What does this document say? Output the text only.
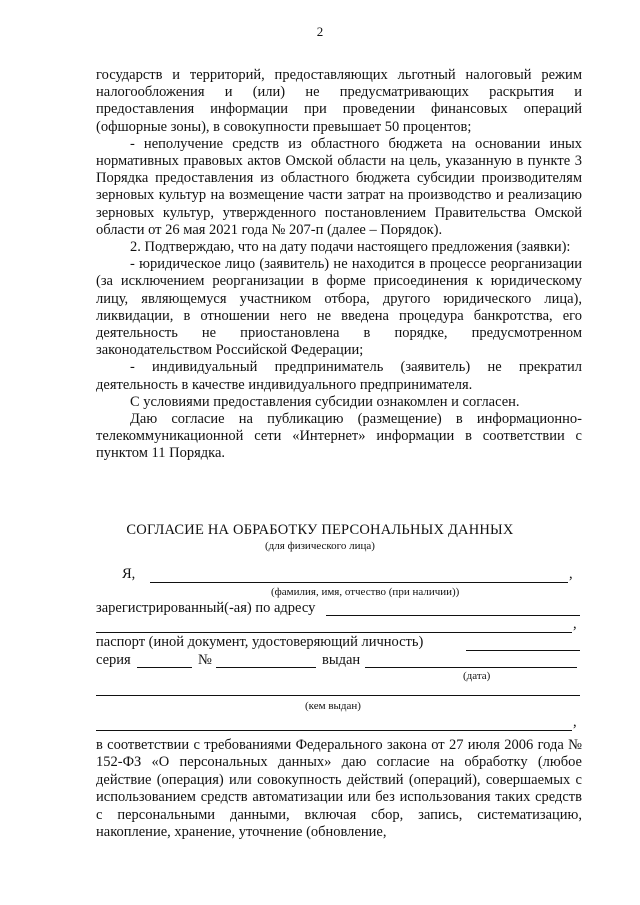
2

государств и территорий, предоставляющих льготный налоговый режим налогообложения и (или) не предусматривающих раскрытия и предоставления информации при проведении финансовых операций (офшорные зоны), в совокупности превышает 50 процентов;

- неполучение средств из областного бюджета на основании иных нормативных правовых актов Омской области на цель, указанную в пункте 3 Порядка предоставления из областного бюджета субсидии производителям зерновых культур на возмещение части затрат на производство и реализацию зерновых культур, утвержденного постановлением Правительства Омской области от 26 мая 2021 года № 207-п (далее – Порядок).

2. Подтверждаю, что на дату подачи настоящего предложения (заявки):

- юридическое лицо (заявитель) не находится в процессе реорганизации (за исключением реорганизации в форме присоединения к юридическому лицу, являющемуся участником отбора, другого юридического лица), ликвидации, в отношении него не введена процедура банкротства, его деятельность не приостановлена в порядке, предусмотренном законодательством Российской Федерации;

- индивидуальный предприниматель (заявитель) не прекратил деятельность в качестве индивидуального предпринимателя.

С условиями предоставления субсидии ознакомлен и согласен.

Даю согласие на публикацию (размещение) в информационно-телекоммуникационной сети «Интернет» информации в соответствии с пунктом 11 Порядка.

СОГЛАСИЕ НА ОБРАБОТКУ ПЕРСОНАЛЬНЫХ ДАННЫХ
(для физического лица)
Я,	,
(фамилия, имя, отчество (при наличии))
зарегистрированный(-ая) по адресу
,
паспорт (иной документ, удостоверяющий личность)
серия	№	выдан
(дата)
(кем выдан)
,

в соответствии с требованиями Федерального закона от 27 июля 2006 года № 152-ФЗ «О персональных данных» даю согласие на обработку (любое действие (операция) или совокупность действий (операций), совершаемых с использованием средств автоматизации или без использования таких средств с персональными данными, включая сбор, запись, систематизацию, накопление, хранение, уточнение (обновление,
